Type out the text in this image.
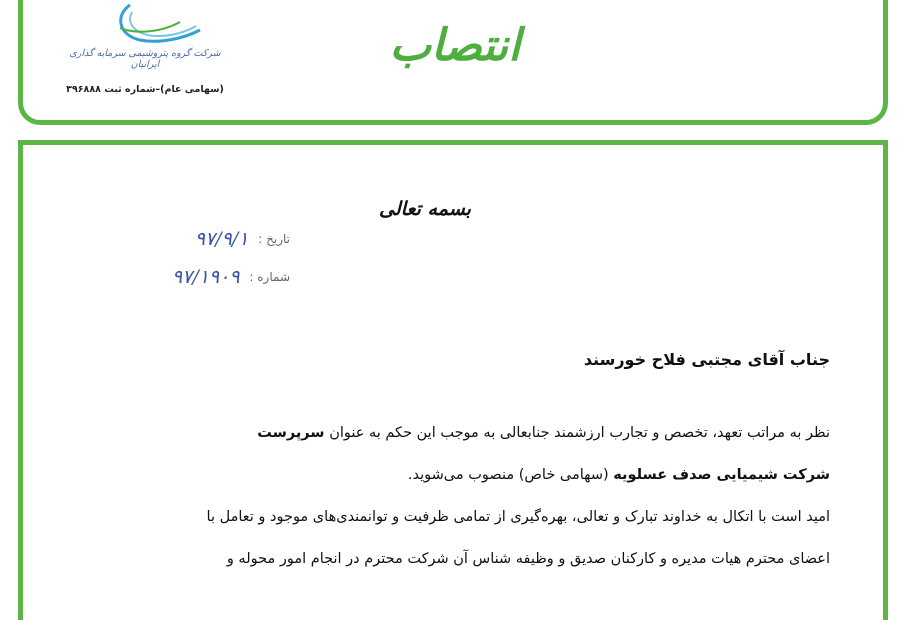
شرکت گروه پتروشیمی سرمایه گذاری ایرانیان
(سهامی عام)–شماره ثبت ۳۹۶۸۸۸
انتصاب
بسمه تعالی
تاریخ : ۹۷/۹/۱
شماره : ۹۷/۱۹۰۹
جناب آقای مجتبی فلاح خورسند

نظر به مراتب تعهد، تخصص و تجارب ارزشمند جنابعالی به موجب این حکم به عنوان سرپرست

شرکت شیمیایی صدف عسلویه (سهامی خاص) منصوب می‌شوید.

امید است با اتکال به خداوند تبارک و تعالی، بهره‌گیری از تمامی ظرفیت و توانمندی‌های موجود و تعامل با

اعضای محترم هیات مدیره و کارکنان صدیق و وظیفه شناس آن شرکت محترم در انجام امور محوله و
